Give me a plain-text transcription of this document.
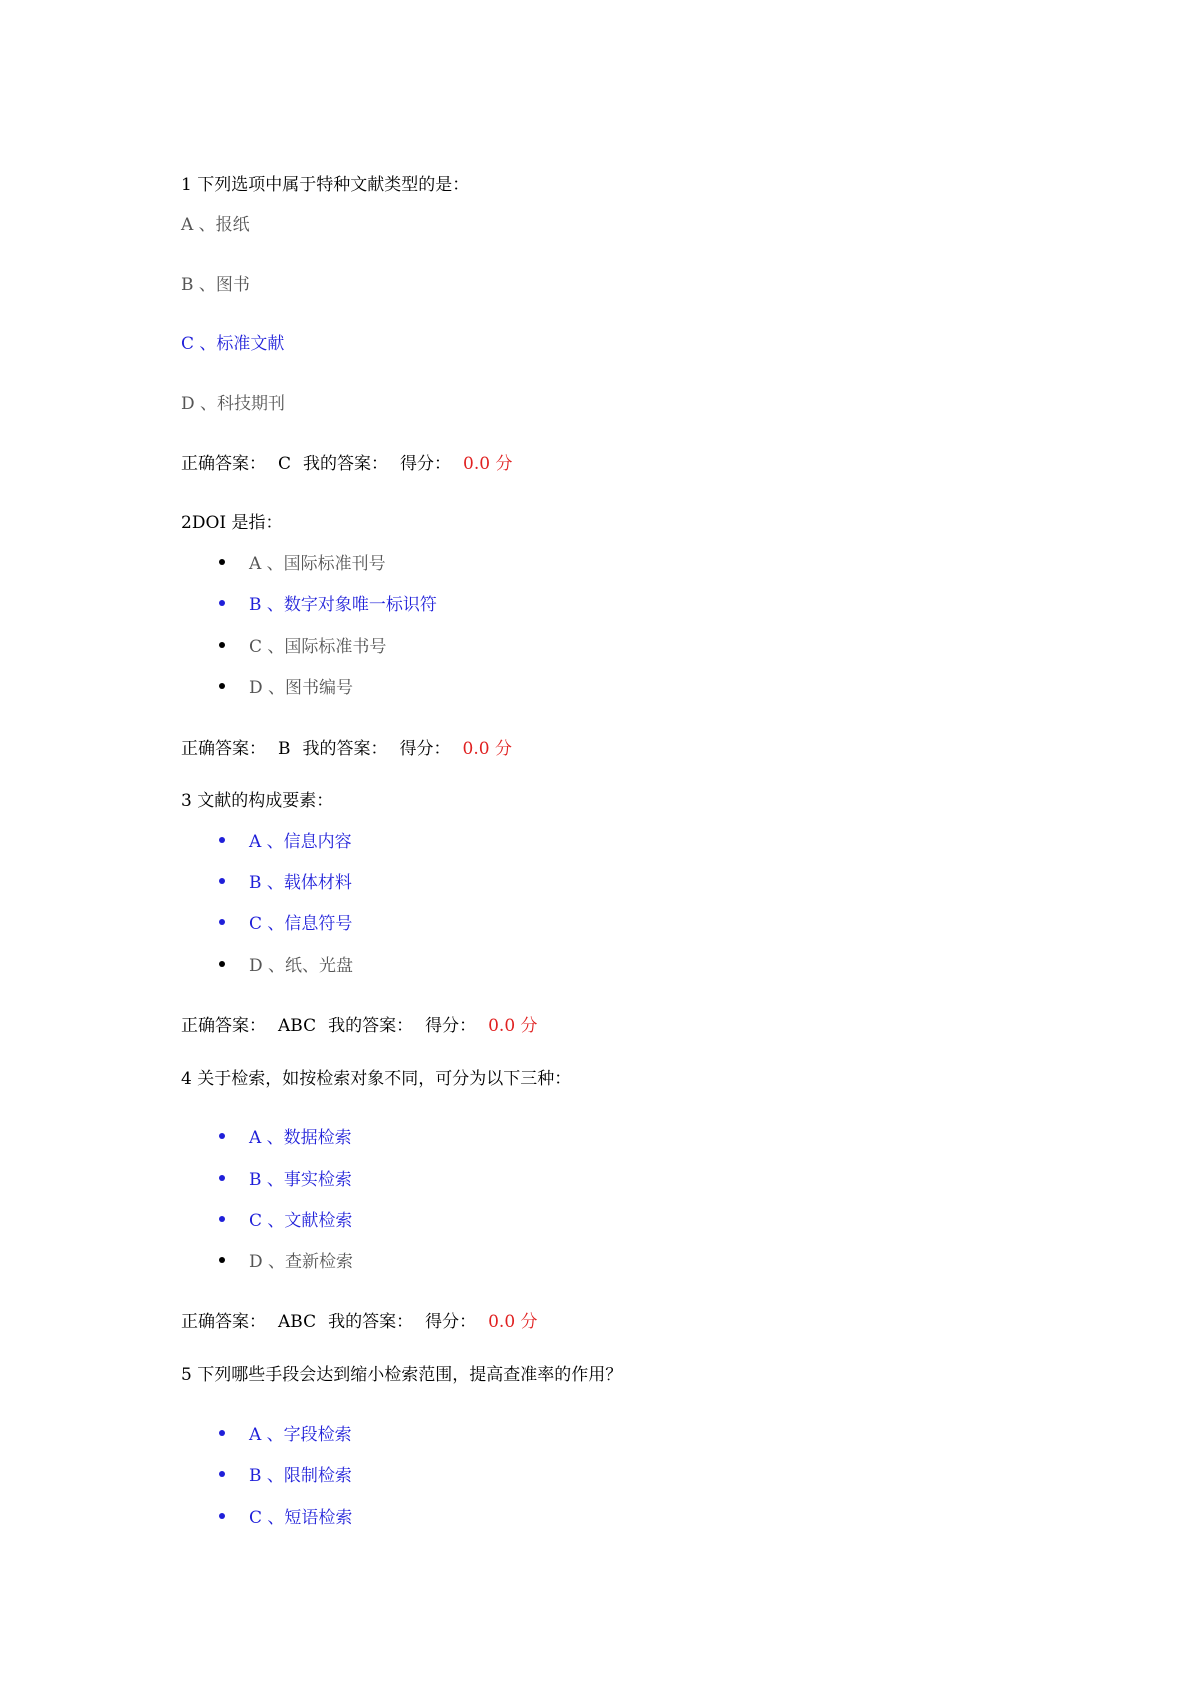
1 下列选项中属于特种文献类型的是：
A 、报纸
B 、图书
C 、标准文献
D 、科技期刊
正确答案： C 我的答案： 得分： 0.0 分
2DOI 是指：
A 、国际标准刊号
B 、数字对象唯一标识符
C 、国际标准书号
D 、图书编号
正确答案： B 我的答案： 得分： 0.0 分
3 文献的构成要素：
A 、信息内容
B 、载体材料
C 、信息符号
D 、纸、光盘
正确答案： ABC 我的答案： 得分： 0.0 分
4 关于检索，如按检索对象不同，可分为以下三种：
A 、数据检索
B 、事实检索
C 、文献检索
D 、查新检索
正确答案： ABC 我的答案： 得分： 0.0 分
5 下列哪些手段会达到缩小检索范围，提高查准率的作用？
A 、字段检索
B 、限制检索
C 、短语检索
